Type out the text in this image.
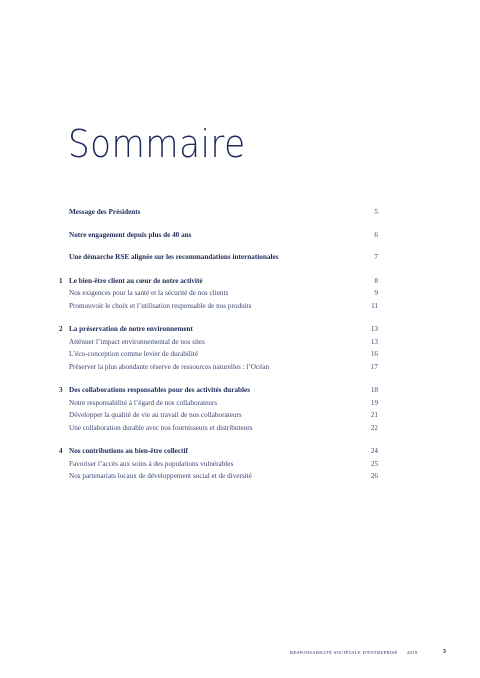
Sommaire
Message des Présidents	5
Notre engagement depuis plus de 40 ans	6
Une démarche RSE alignée sur les recommandations internationales	7
1 Le bien-être client au cœur de notre activité	8
Nos exigences pour la santé et la sécurité de nos clients	9
Promouvoir le choix et l’utilisation responsable de nos produits	11
2 La préservation de notre environnement	13
Atténuer l’impact environnemental de nos sites	13
L’éco-conception comme levier de durabilité	16
Préserver la plus abondante réserve de ressources naturelles : l’Océan	17
3 Des collaborations responsables pour des activités durables	18
Notre responsabilité à l’égard de nos collaborateurs	19
Développer la qualité de vie au travail de nos collaborateurs	21
Une collaboration durable avec nos fournisseurs et distributeurs	22
4 Nos contributions au bien-être collectif	24
Favoriser l’accès aux soins à des populations vulnérables	25
Nos partenariats locaux de développement social et de diversité	26
RESPONSABILITÉ SOCIÉTALE D'ENTREPRISE 2019	3
